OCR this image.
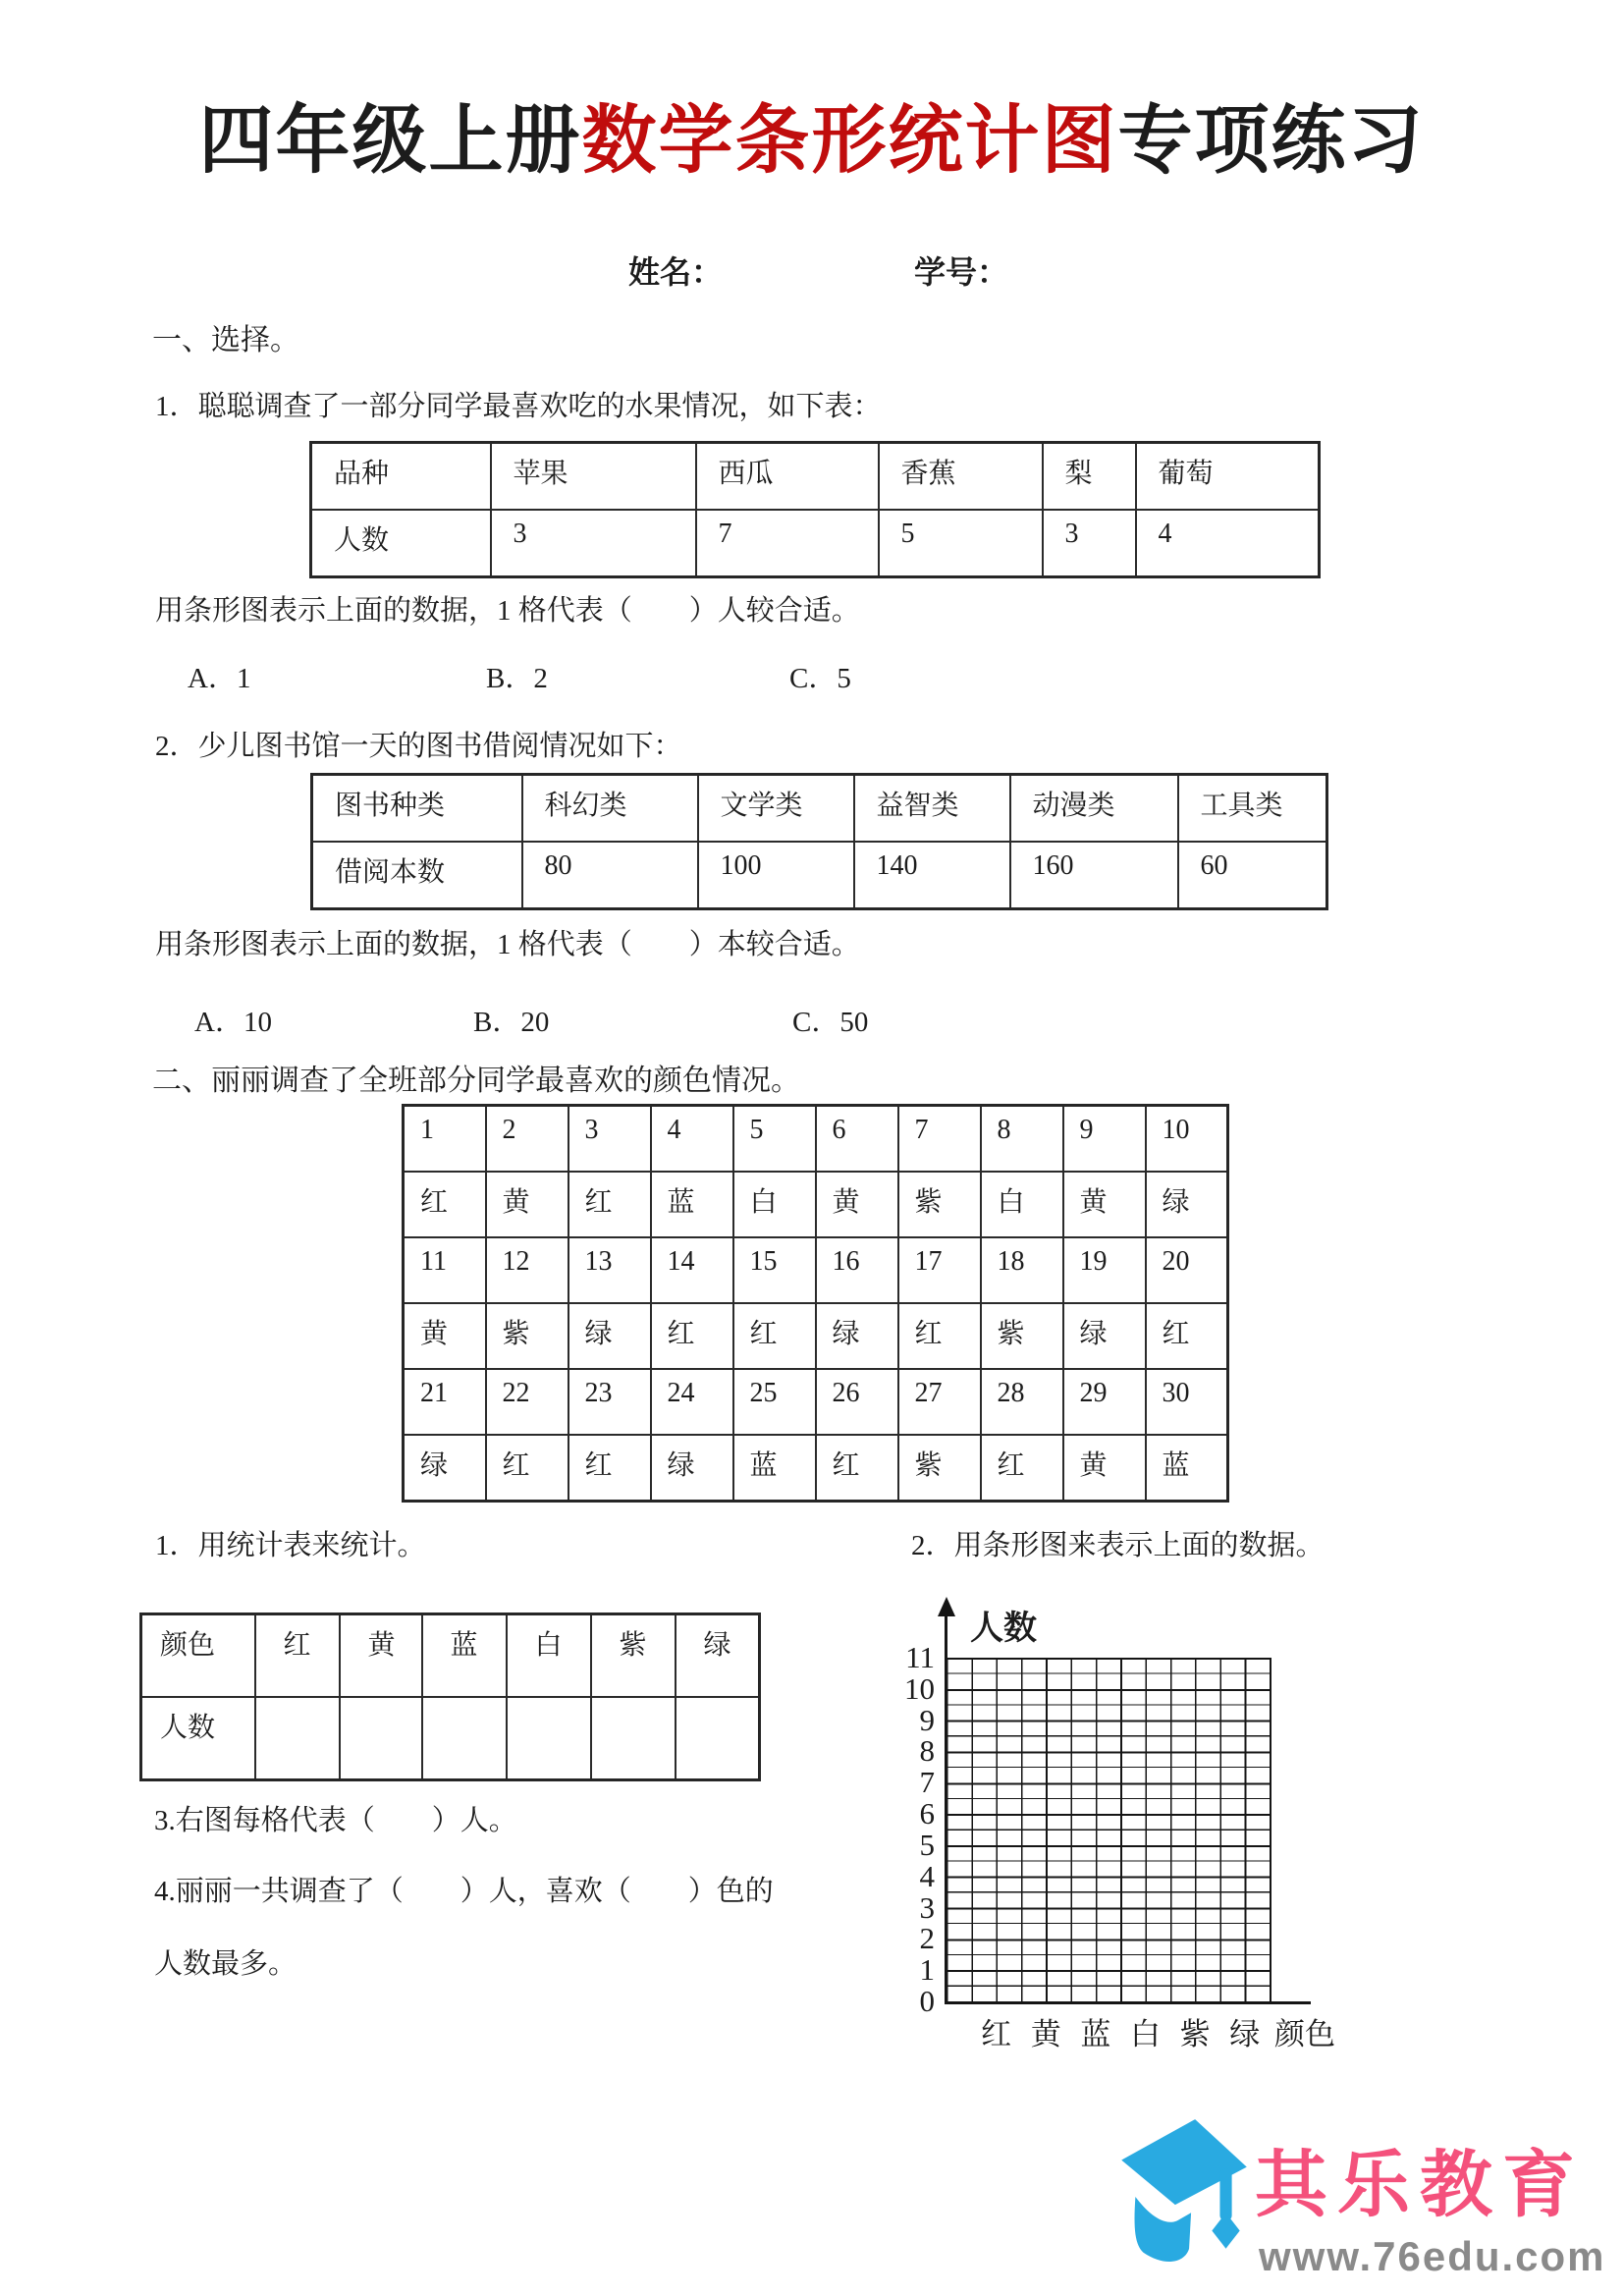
四年级上册数学条形统计图专项练习
姓名：	学号：
一、选择。
1．聪聪调查了一部分同学最喜欢吃的水果情况，如下表：
品种	苹果	西瓜	香蕉	梨	葡萄
人数	3	7	5	3	4
用条形图表示上面的数据，1 格代表（　　）人较合适。
A．1	B．2	C．5
2．少儿图书馆一天的图书借阅情况如下：
图书种类	科幻类	文学类	益智类	动漫类	工具类
借阅本数	80	100	140	160	60
用条形图表示上面的数据，1 格代表（　　）本较合适。
A．10	B．20	C．50
二、丽丽调查了全班部分同学最喜欢的颜色情况。
1	2	3	4	5	6	7	8	9	10
红	黄	红	蓝	白	黄	紫	白	黄	绿
11	12	13	14	15	16	17	18	19	20
黄	紫	绿	红	红	绿	红	紫	绿	红
21	22	23	24	25	26	27	28	29	30
绿	红	红	绿	蓝	红	紫	红	黄	蓝
1．用统计表来统计。	2．用条形图来表示上面的数据。
颜色	红	黄	蓝	白	紫	绿
人数						
3.右图每格代表（　　）人。
4.丽丽一共调查了（　　）人，喜欢（　　）色的
人数最多。
人数
11
10
9
8
7
6
5
4
3
2
1
0
红 黄 蓝 白 紫 绿 颜色
其乐教育
www.76edu.com
